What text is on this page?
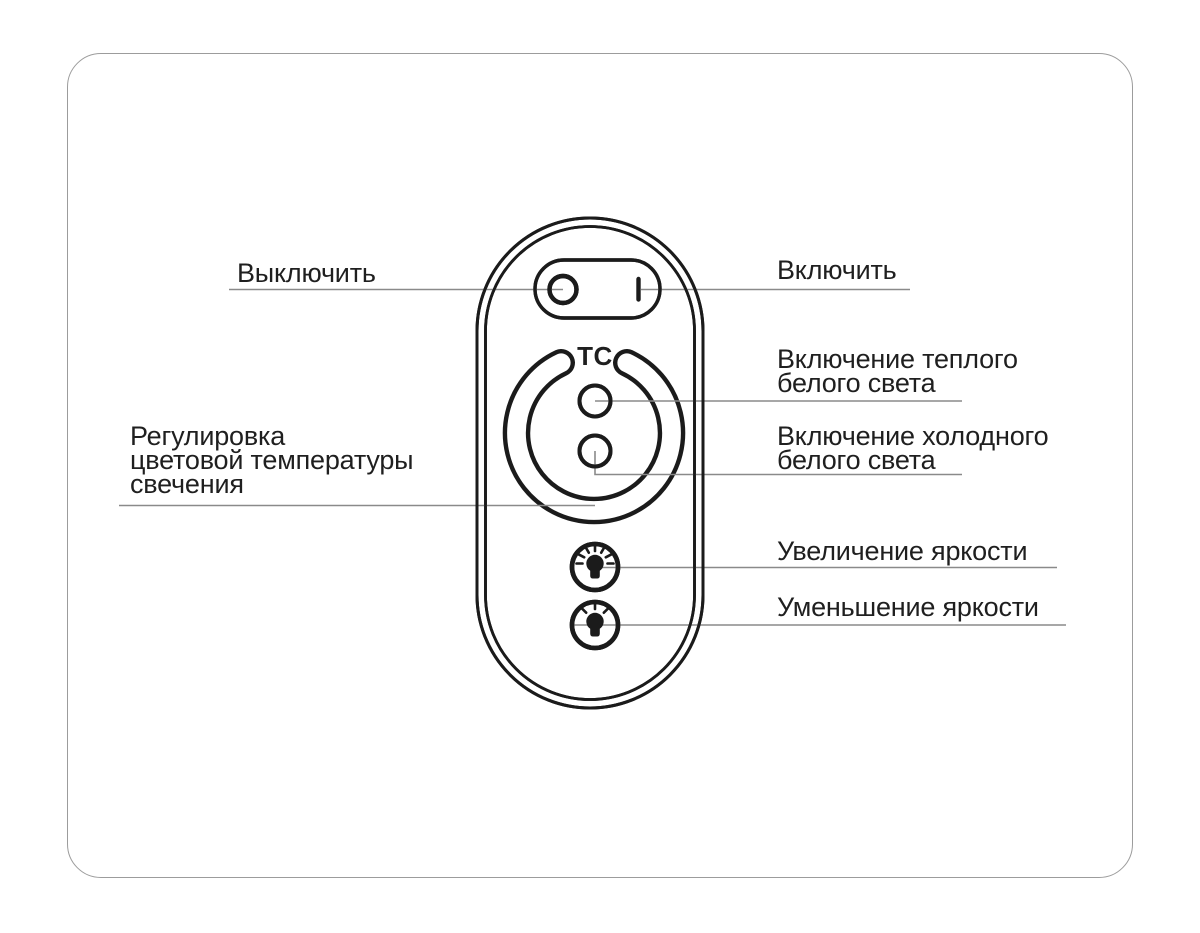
TC
Выключить	Включить
Включение теплого
белого света
Включение холодного
белого света
Регулировка
цветовой температуры
свечения
Увеличение яркости
Уменьшение яркости
